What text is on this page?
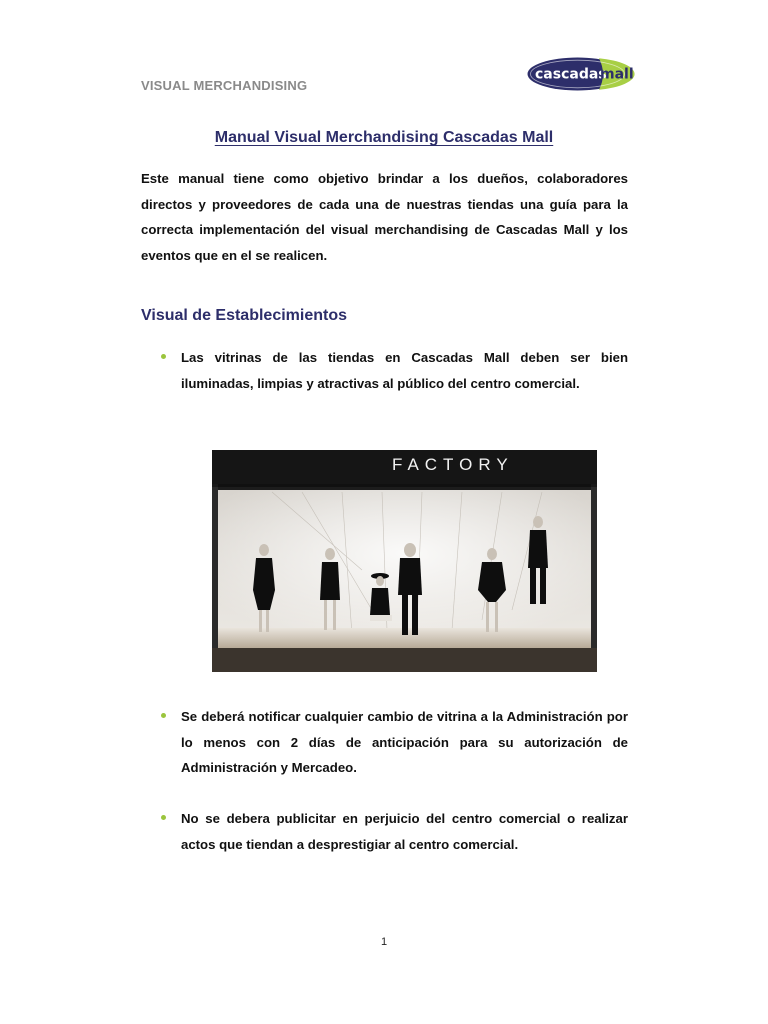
VISUAL MERCHANDISING
cascadas
mall
Manual Visual Merchandising Cascadas Mall

Este manual tiene como objetivo brindar a los dueños, colaboradores directos y proveedores de cada una de nuestras tiendas una guía para la correcta implementación del visual merchandising de Cascadas Mall y los eventos que en el se realicen.

Visual de Establecimientos
Las vitrinas de las tiendas en Cascadas Mall deben ser bien iluminadas, limpias y atractivas al público del centro comercial.
FACTORY
Se deberá notificar cualquier cambio de vitrina a la Administración por lo menos con 2 días de anticipación para su autorización de Administración y Mercadeo.
No se debera publicitar en perjuicio del centro comercial o realizar actos que tiendan a desprestigiar al centro comercial.
1
